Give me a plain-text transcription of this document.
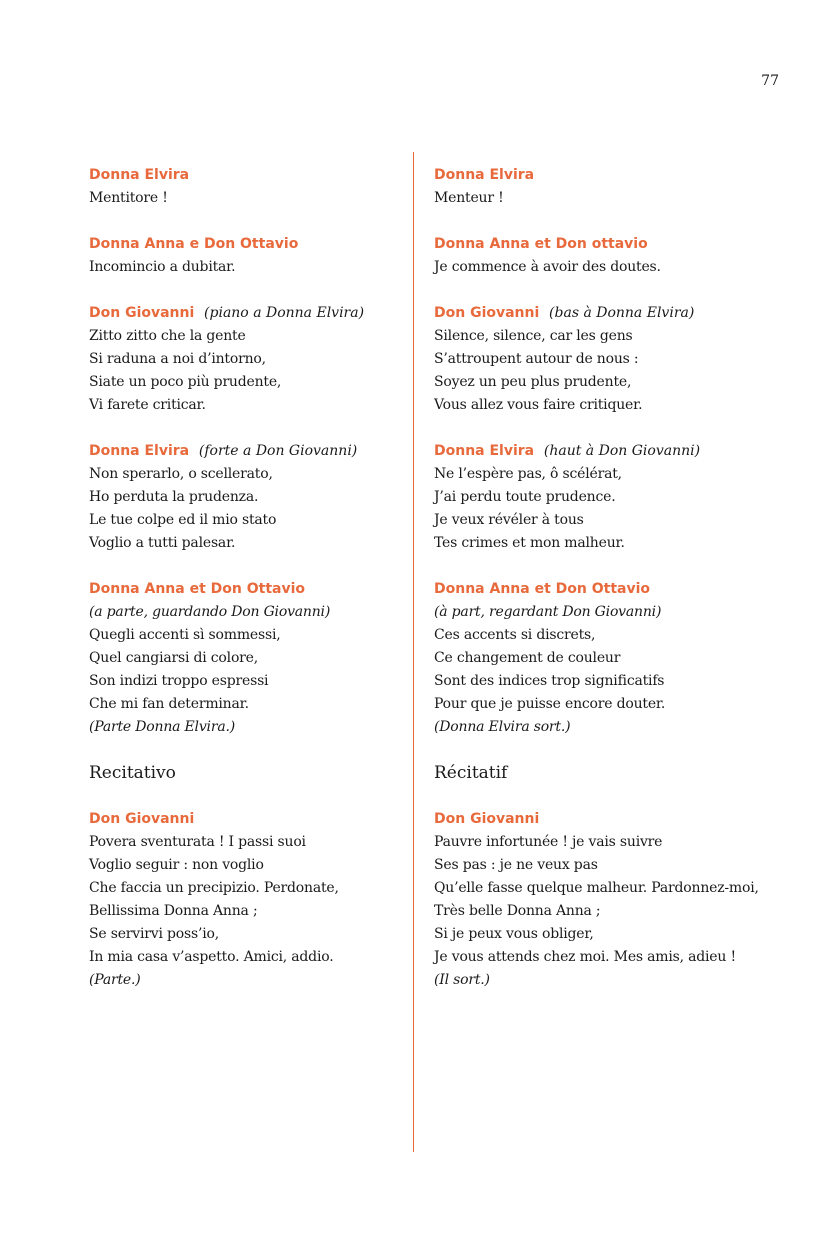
77
Donna Elvira
Mentitore !
Donna Anna e Don Ottavio
Incomincio a dubitar.
Don Giovanni (piano a Donna Elvira)
Zitto zitto che la gente
Si raduna a noi d’intorno,
Siate un poco più prudente,
Vi farete criticar.
Donna Elvira (forte a Don Giovanni)
Non sperarlo, o scellerato,
Ho perduta la prudenza.
Le tue colpe ed il mio stato
Voglio a tutti palesar.
Donna Anna et Don Ottavio
(a parte, guardando Don Giovanni)
Quegli accenti sì sommessi,
Quel cangiarsi di colore,
Son indizi troppo espressi
Che mi fan determinar.
(Parte Donna Elvira.)
Recitativo
Don Giovanni
Povera sventurata ! I passi suoi
Voglio seguir : non voglio
Che faccia un precipizio. Perdonate,
Bellissima Donna Anna ;
Se servirvi poss’io,
In mia casa v’aspetto. Amici, addio.
(Parte.)
Donna Elvira
Menteur !
Donna Anna et Don ottavio
Je commence à avoir des doutes.
Don Giovanni (bas à Donna Elvira)
Silence, silence, car les gens
S’attroupent autour de nous :
Soyez un peu plus prudente,
Vous allez vous faire critiquer.
Donna Elvira (haut à Don Giovanni)
Ne l’espère pas, ô scélérat,
J’ai perdu toute prudence.
Je veux révéler à tous
Tes crimes et mon malheur.
Donna Anna et Don Ottavio
(à part, regardant Don Giovanni)
Ces accents si discrets,
Ce changement de couleur
Sont des indices trop significatifs
Pour que je puisse encore douter.
(Donna Elvira sort.)
Récitatif
Don Giovanni
Pauvre infortunée ! je vais suivre
Ses pas : je ne veux pas
Qu’elle fasse quelque malheur. Pardonnez-moi,
Très belle Donna Anna ;
Si je peux vous obliger,
Je vous attends chez moi. Mes amis, adieu !
(Il sort.)
